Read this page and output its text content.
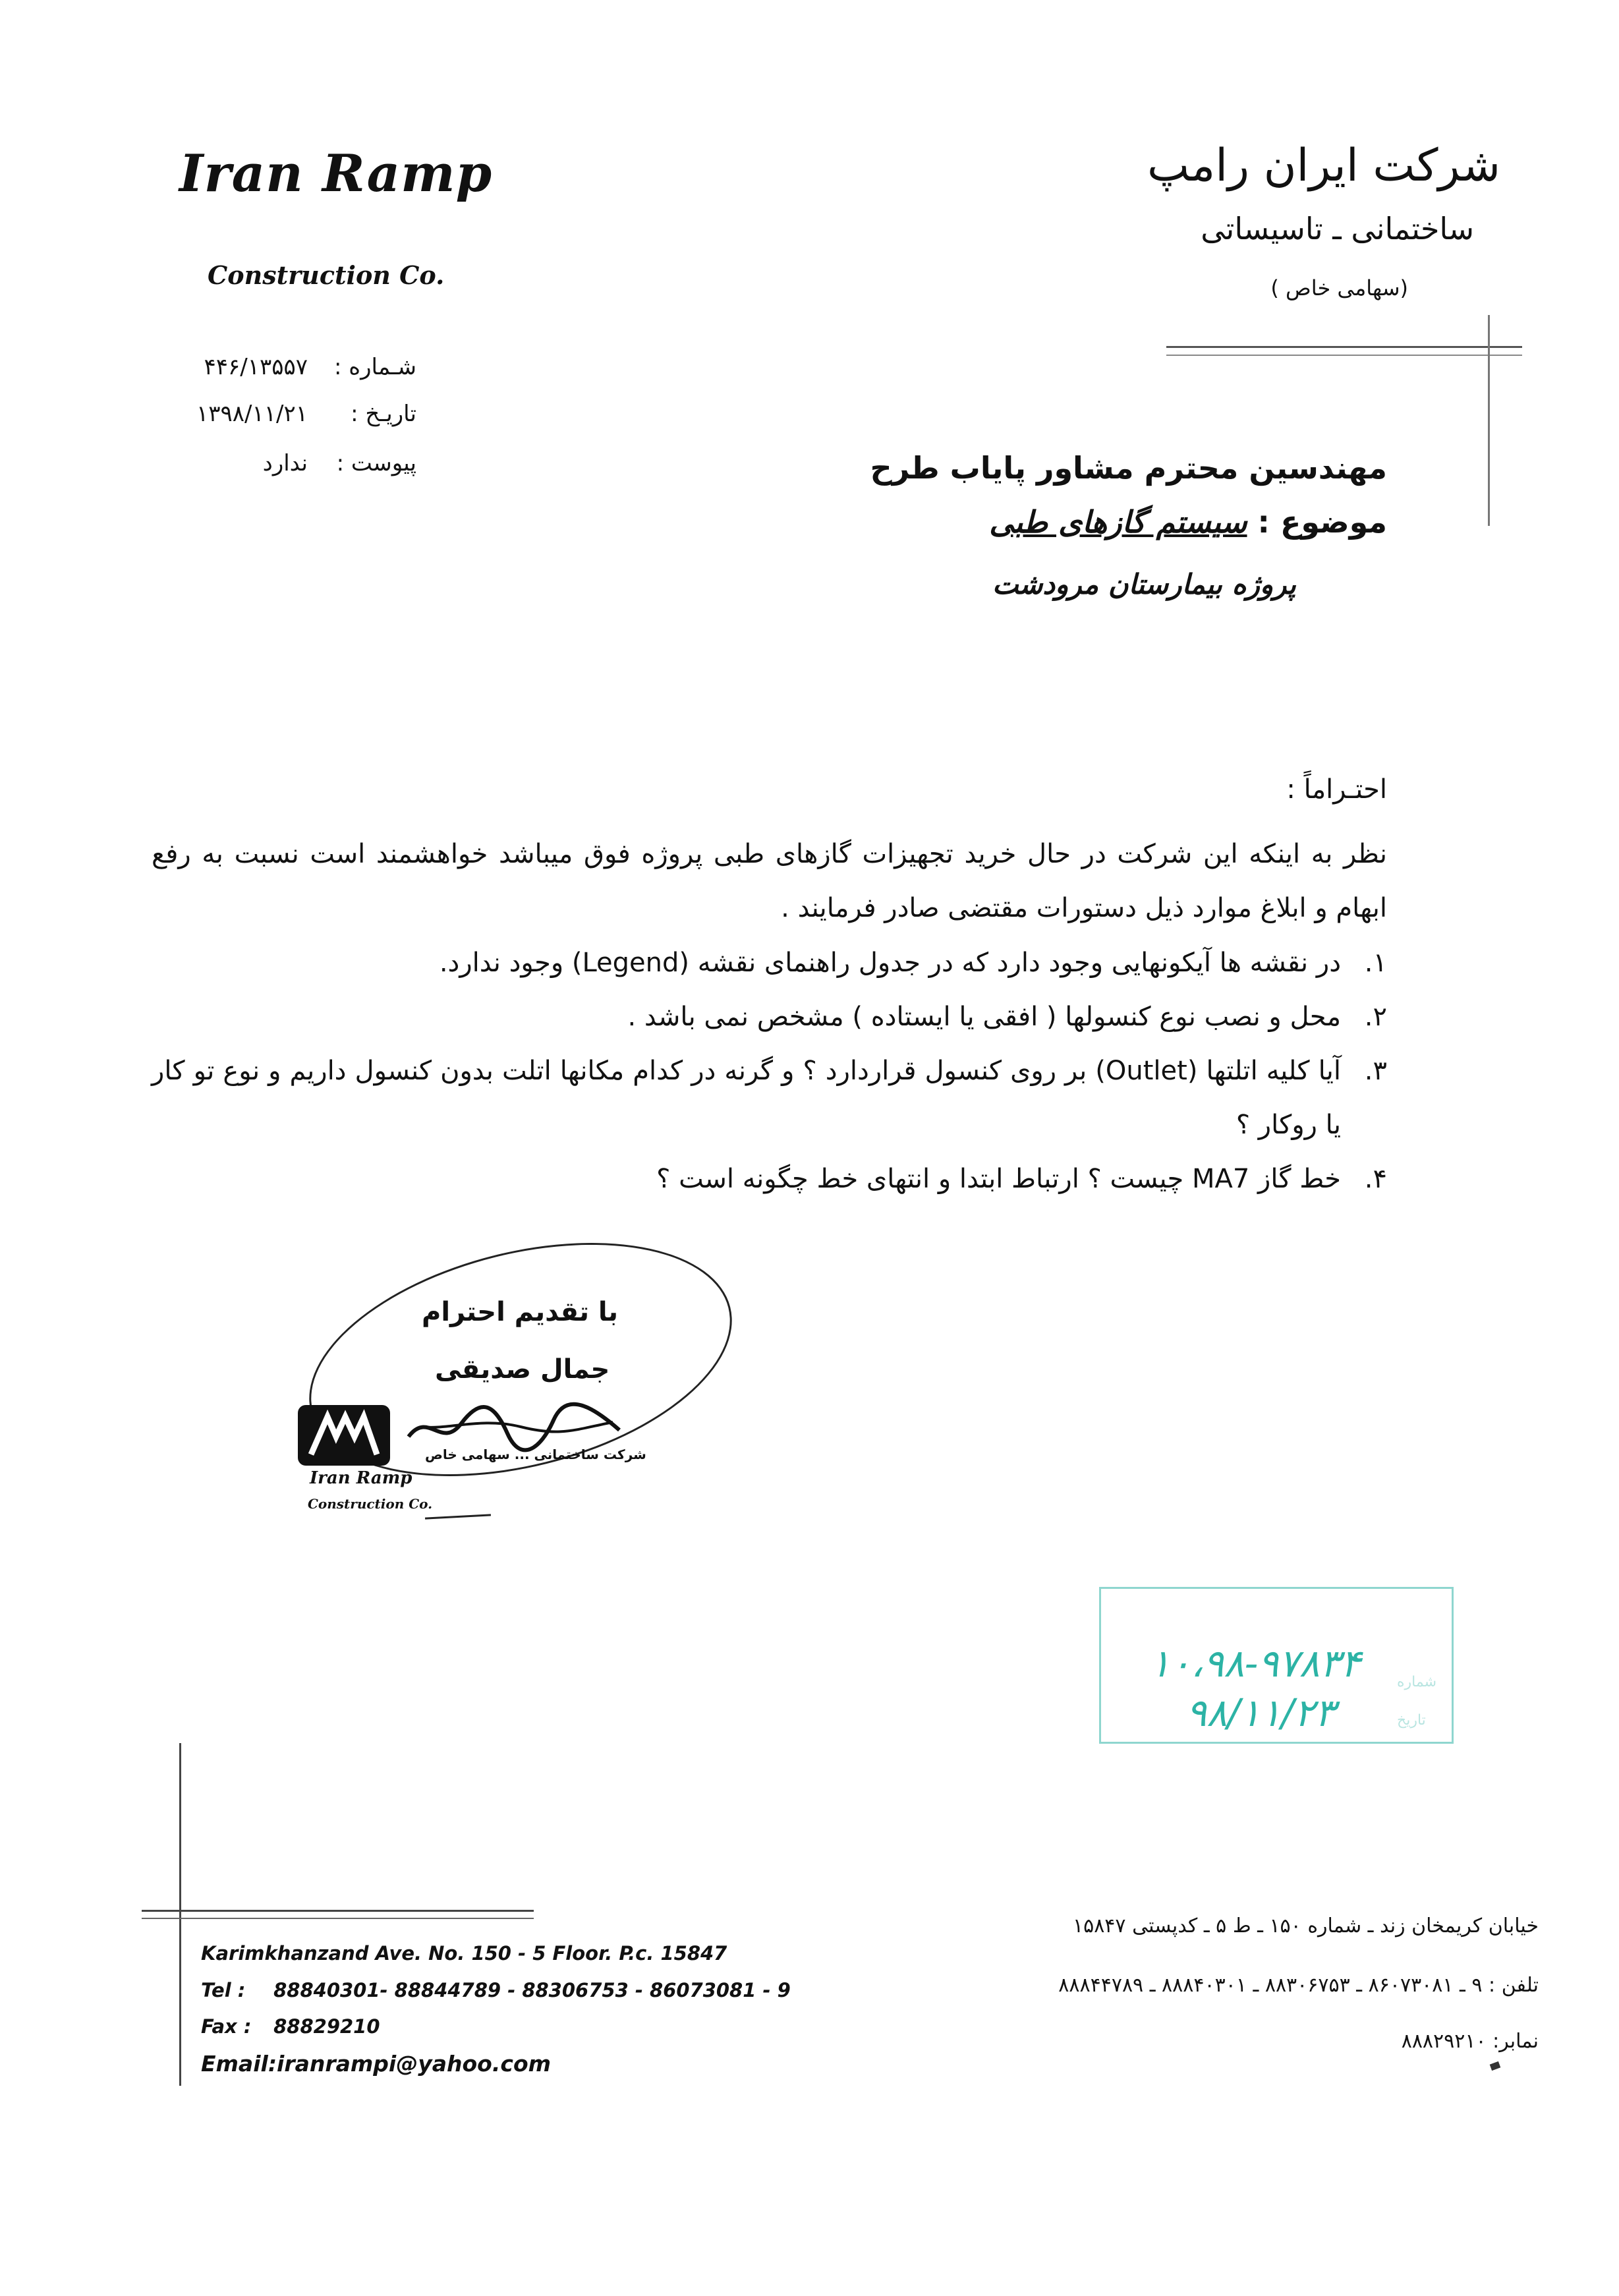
Iran Ramp
Construction Co.
شرکت ایران رامپ
ساختمانی ـ تاسیساتی
(سهامی خاص )
شـماره :
۴۴۶/۱۳۵۵۷
تاریـخ :
۱۳۹۸/۱۱/۲۱
پیوست :
ندارد	مهندسین محترم مشاور پایاب طرح
موضوع : سیستم گازهای طبی
پروژه بیمارستان مرودشت
احتـراماً :
نظر به اینکه این شرکت در حال خرید تجهیزات گازهای طبی پروژه فوق میباشد خواهشمند است نسبت به رفع ابهام و ابلاغ موارد ذیل دستورات مقتضی صادر فرمایند .
۱.
در نقشه ها آیکونهایی وجود دارد که در جدول راهنمای نقشه (Legend) وجود ندارد.
۲.
محل و نصب نوع کنسولها ( افقی یا ایستاده ) مشخص نمی باشد .
۳.
آیا کلیه اتلتها (Outlet) بر روی کنسول قراردارد ؟ و گرنه در کدام مکانها اتلت بدون کنسول داریم و نوع تو کار یا روکار ؟
۴.
خط گاز MA7 چیست ؟ ارتباط ابتدا و انتهای خط چگونه است ؟
با تقدیم احترام
جمال صدیقی
Iran Ramp
Construction Co.
شرکت ساختمانی ... سهامی خاص
۱۰،۹۸-۹۷۸۳۴
۹۸/۱۱/۲۳
شماره
تاریخ
Karimkhanzand Ave. No. 150 - 5 Floor. P.c. 15847
Tel : 88840301- 88844789 - 88306753 - 86073081 - 9
Fax : 88829210
Email:iranrampi@yahoo.com
خیابان کریمخان زند ـ شماره ۱۵۰ ـ ط ۵ ـ کدپستی ۱۵۸۴۷
تلفن : ۹ ـ ۸۶۰۷۳۰۸۱ ـ ۸۸۳۰۶۷۵۳ ـ ۸۸۸۴۰۳۰۱ ـ ۸۸۸۴۴۷۸۹
نمابر: ۸۸۸۲۹۲۱۰
